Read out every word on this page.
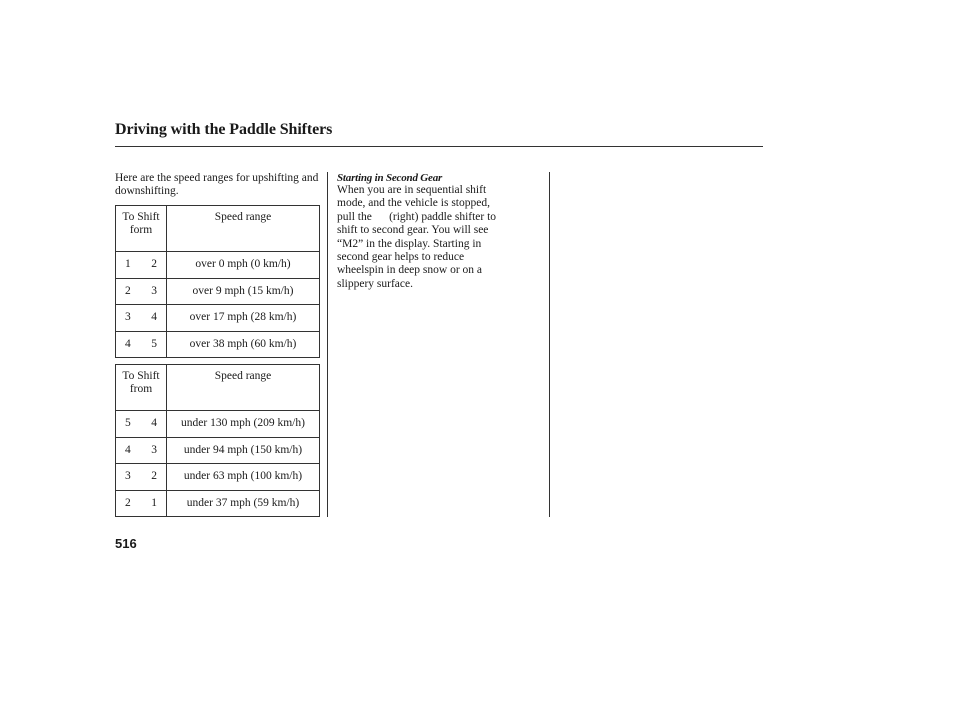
Driving with the Paddle Shifters
Here are the speed ranges for upshifting and downshifting.
To Shift
form	Speed range

1 2	over 0 mph (0 km/h)

2 3	over 9 mph (15 km/h)

3 4	over 17 mph (28 km/h)

4 5	over 38 mph (60 km/h)
To Shift
from	Speed range

5 4	under 130 mph (209 km/h)

4 3	under 94 mph (150 km/h)

3 2	under 63 mph (100 km/h)

2 1	under 37 mph (59 km/h)
Starting in Second Gear
When you are in sequential shift
mode, and the vehicle is stopped,
pull the      (right) paddle shifter to
shift to second gear. You will see
“M2” in the display. Starting in
second gear helps to reduce
wheelspin in deep snow or on a
slippery surface.
516
